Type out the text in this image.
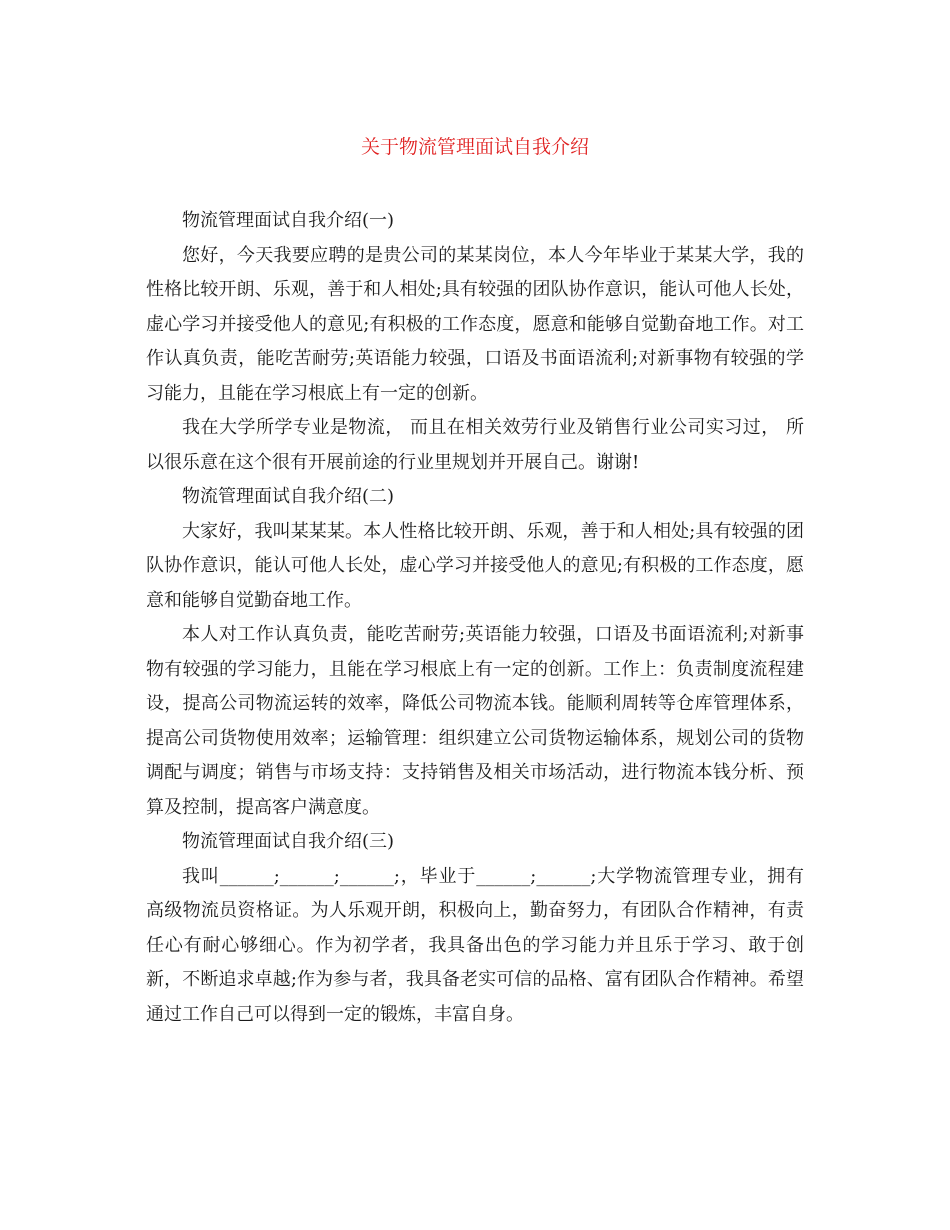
关于物流管理面试自我介绍

物流管理面试自我介绍(一)

您好，今天我要应聘的是贵公司的某某岗位，本人今年毕业于某某大学，我的性格比较开朗、乐观，善于和人相处;具有较强的团队协作意识，能认可他人长处，虚心学习并接受他人的意见;有积极的工作态度，愿意和能够自觉勤奋地工作。对工作认真负责，能吃苦耐劳;英语能力较强，口语及书面语流利;对新事物有较强的学习能力，且能在学习根底上有一定的创新。

我在大学所学专业是物流， 而且在相关效劳行业及销售行业公司实习过， 所以很乐意在这个很有开展前途的行业里规划并开展自己。谢谢!

物流管理面试自我介绍(二)

大家好，我叫某某某。本人性格比较开朗、乐观，善于和人相处;具有较强的团队协作意识，能认可他人长处，虚心学习并接受他人的意见;有积极的工作态度，愿意和能够自觉勤奋地工作。

本人对工作认真负责，能吃苦耐劳;英语能力较强，口语及书面语流利;对新事物有较强的学习能力，且能在学习根底上有一定的创新。工作上：负责制度流程建设，提高公司物流运转的效率，降低公司物流本钱。能顺利周转等仓库管理体系，提高公司货物使用效率；运输管理：组织建立公司货物运输体系，规划公司的货物调配与调度；销售与市场支持：支持销售及相关市场活动，进行物流本钱分析、预算及控制，提高客户满意度。

物流管理面试自我介绍(三)

我叫______;______;______;，毕业于______;______;大学物流管理专业，拥有高级物流员资格证。为人乐观开朗，积极向上，勤奋努力，有团队合作精神，有责任心有耐心够细心。作为初学者，我具备出色的学习能力并且乐于学习、敢于创新，不断追求卓越;作为参与者，我具备老实可信的品格、富有团队合作精神。希望通过工作自己可以得到一定的锻炼，丰富自身。
